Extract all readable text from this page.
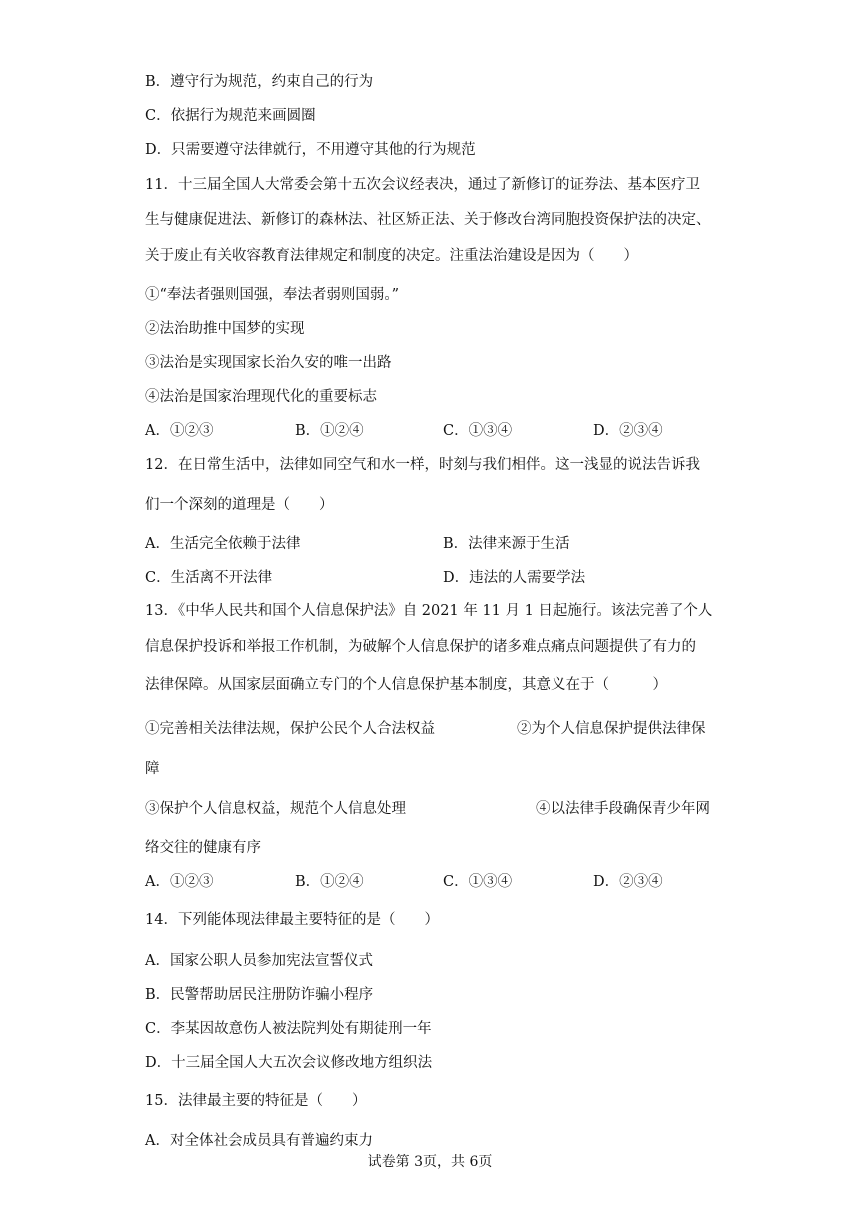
B．遵守行为规范，约束自己的行为
C．依据行为规范来画圆圈
D．只需要遵守法律就行，不用遵守其他的行为规范
11．十三届全国人大常委会第十五次会议经表决，通过了新修订的证券法、基本医疗卫
生与健康促进法、新修订的森林法、社区矫正法、关于修改台湾同胞投资保护法的决定、
关于废止有关收容教育法律规定和制度的决定。注重法治建设是因为（　　）
①“奉法者强则国强，奉法者弱则国弱。”
②法治助推中国梦的实现
③法治是实现国家长治久安的唯一出路
④法治是国家治理现代化的重要标志
A．①②③	B．①②④	C．①③④	D．②③④
12．在日常生活中，法律如同空气和水一样，时刻与我们相伴。这一浅显的说法告诉我
们一个深刻的道理是（　　）
A．生活完全依赖于法律	B．法律来源于生活
C．生活离不开法律	D．违法的人需要学法
13．《中华人民共和国个人信息保护法》自 2021 年 11 月 1 日起施行。该法完善了个人
信息保护投诉和举报工作机制，为破解个人信息保护的诸多难点痛点问题提供了有力的
法律保障。从国家层面确立专门的个人信息保护基本制度，其意义在于（　　　）
①完善相关法律法规，保护公民个人合法权益	②为个人信息保护提供法律保
障
③保护个人信息权益，规范个人信息处理	④以法律手段确保青少年网
络交往的健康有序
A．①②③	B．①②④	C．①③④	D．②③④
14．下列能体现法律最主要特征的是（　　）
A．国家公职人员参加宪法宣誓仪式
B．民警帮助居民注册防诈骗小程序
C．李某因故意伤人被法院判处有期徒刑一年
D．十三届全国人大五次会议修改地方组织法
15．法律最主要的特征是（　　）
A．对全体社会成员具有普遍约束力
试卷第 3页，共 6页
